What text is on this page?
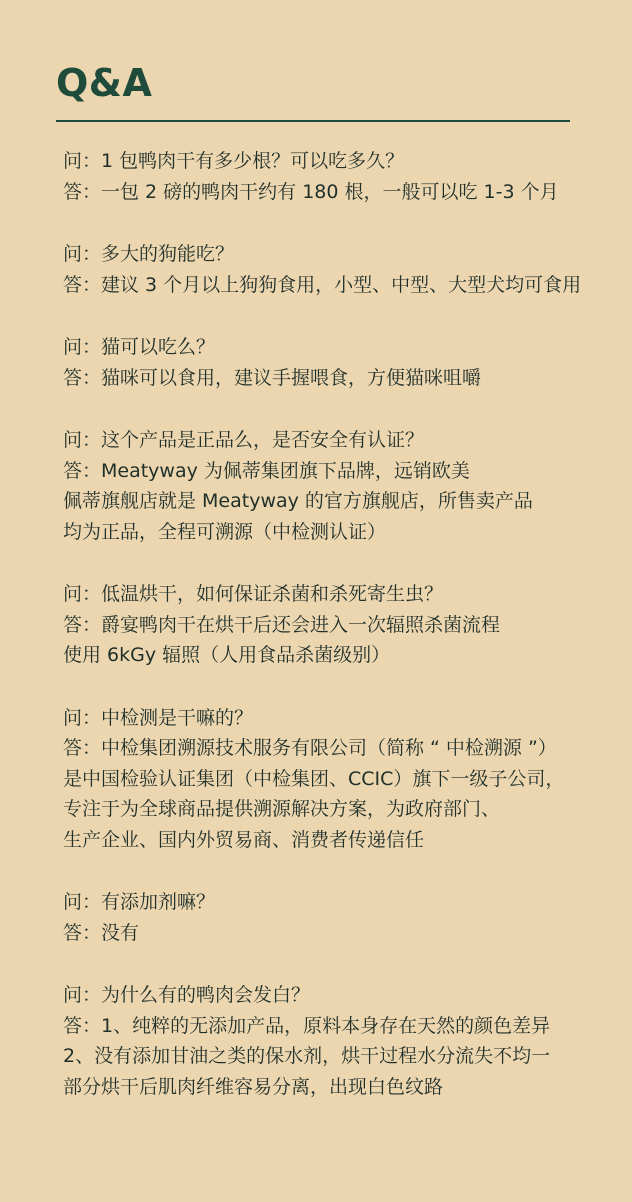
Q&A
问：1 包鸭肉干有多少根？可以吃多久？
答：一包 2 磅的鸭肉干约有 180 根，一般可以吃 1-3 个月
问：多大的狗能吃？
答：建议 3 个月以上狗狗食用，小型、中型、大型犬均可食用
问：猫可以吃么？
答：猫咪可以食用，建议手握喂食，方便猫咪咀嚼
问：这个产品是正品么，是否安全有认证？
答：Meatyway 为佩蒂集团旗下品牌，远销欧美
佩蒂旗舰店就是 Meatyway 的官方旗舰店，所售卖产品
均为正品，全程可溯源（中检测认证）
问：低温烘干，如何保证杀菌和杀死寄生虫？
答：爵宴鸭肉干在烘干后还会进入一次辐照杀菌流程
使用 6kGy 辐照（人用食品杀菌级别）
问：中检测是干嘛的？
答：中检集团溯源技术服务有限公司（简称 “ 中检溯源 ”）
是中国检验认证集团（中检集团、CCIC）旗下一级子公司，
专注于为全球商品提供溯源解决方案，为政府部门、
生产企业、国内外贸易商、消费者传递信任
问：有添加剂嘛？
答：没有
问：为什么有的鸭肉会发白？
答：1、纯粹的无添加产品，原料本身存在天然的颜色差异
2、没有添加甘油之类的保水剂，烘干过程水分流失不均一
部分烘干后肌肉纤维容易分离，出现白色纹路
